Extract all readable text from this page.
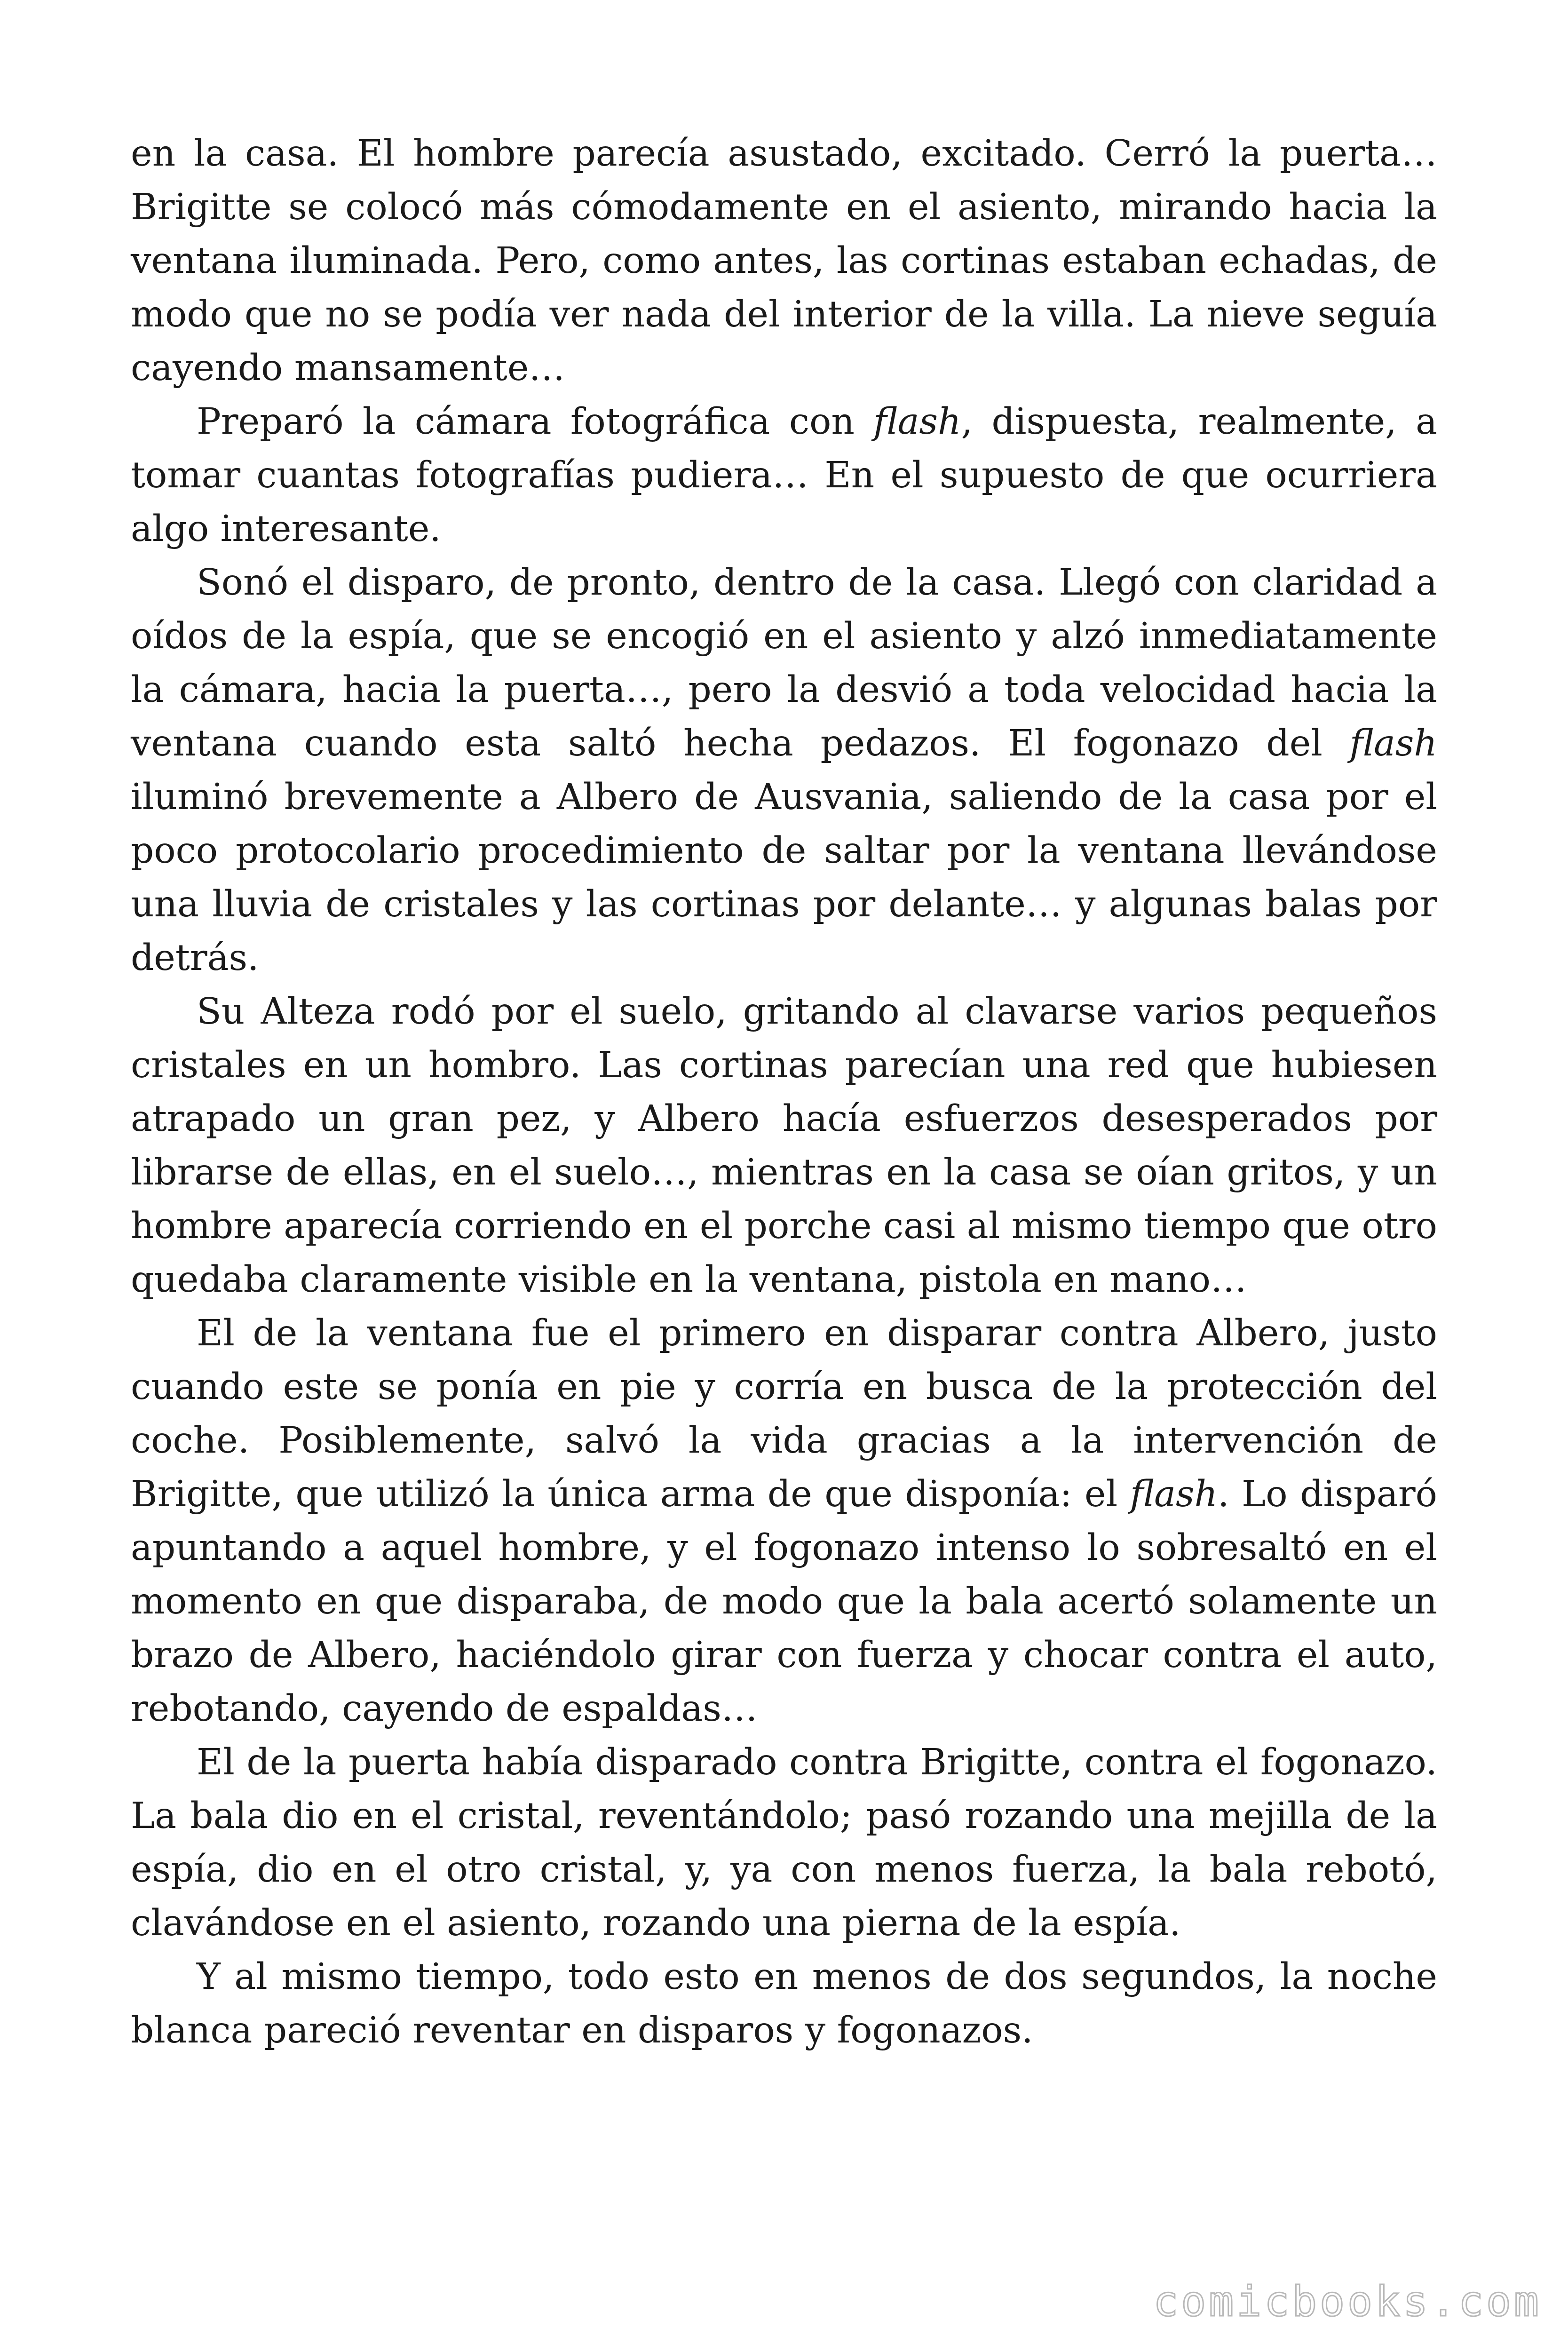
en la casa. El hombre parecía asustado, excitado. Cerró la puerta… Brigitte se colocó más cómodamente en el asiento, mirando hacia la ventana iluminada. Pero, como antes, las cortinas estaban echadas, de modo que no se podía ver nada del interior de la villa. La nieve seguía cayendo mansamente…

Preparó la cámara fotográfica con flash, dispuesta, realmente, a tomar cuantas fotografías pudiera… En el supuesto de que ocurriera algo interesante.

Sonó el disparo, de pronto, dentro de la casa. Llegó con claridad a oídos de la espía, que se encogió en el asiento y alzó inmediatamente la cámara, hacia la puerta…, pero la desvió a toda velocidad hacia la ventana cuando esta saltó hecha pedazos. El fogonazo del flash iluminó brevemente a Albero de Ausvania, saliendo de la casa por el poco protocolario procedimiento de saltar por la ventana llevándose una lluvia de cristales y las cortinas por delante… y algunas balas por detrás.

Su Alteza rodó por el suelo, gritando al clavarse varios pequeños cristales en un hombro. Las cortinas parecían una red que hubiesen atrapado un gran pez, y Albero hacía esfuerzos desesperados por librarse de ellas, en el suelo…, mientras en la casa se oían gritos, y un hombre aparecía corriendo en el porche casi al mismo tiempo que otro quedaba claramente visible en la ventana, pistola en mano…

El de la ventana fue el primero en disparar contra Albero, justo cuando este se ponía en pie y corría en busca de la protección del coche. Posiblemente, salvó la vida gracias a la intervención de Brigitte, que utilizó la única arma de que disponía: el flash. Lo disparó apuntando a aquel hombre, y el fogonazo intenso lo sobresaltó en el momento en que disparaba, de modo que la bala acertó solamente un brazo de Albero, haciéndolo girar con fuerza y chocar contra el auto, rebotando, cayendo de espaldas…

El de la puerta había disparado contra Brigitte, contra el fogonazo. La bala dio en el cristal, reventándolo; pasó rozando una mejilla de la espía, dio en el otro cristal, y, ya con menos fuerza, la bala rebotó, clavándose en el asiento, rozando una pierna de la espía.

Y al mismo tiempo, todo esto en menos de dos segundos, la noche blanca pareció reventar en disparos y fogonazos.

comicbooks.com
